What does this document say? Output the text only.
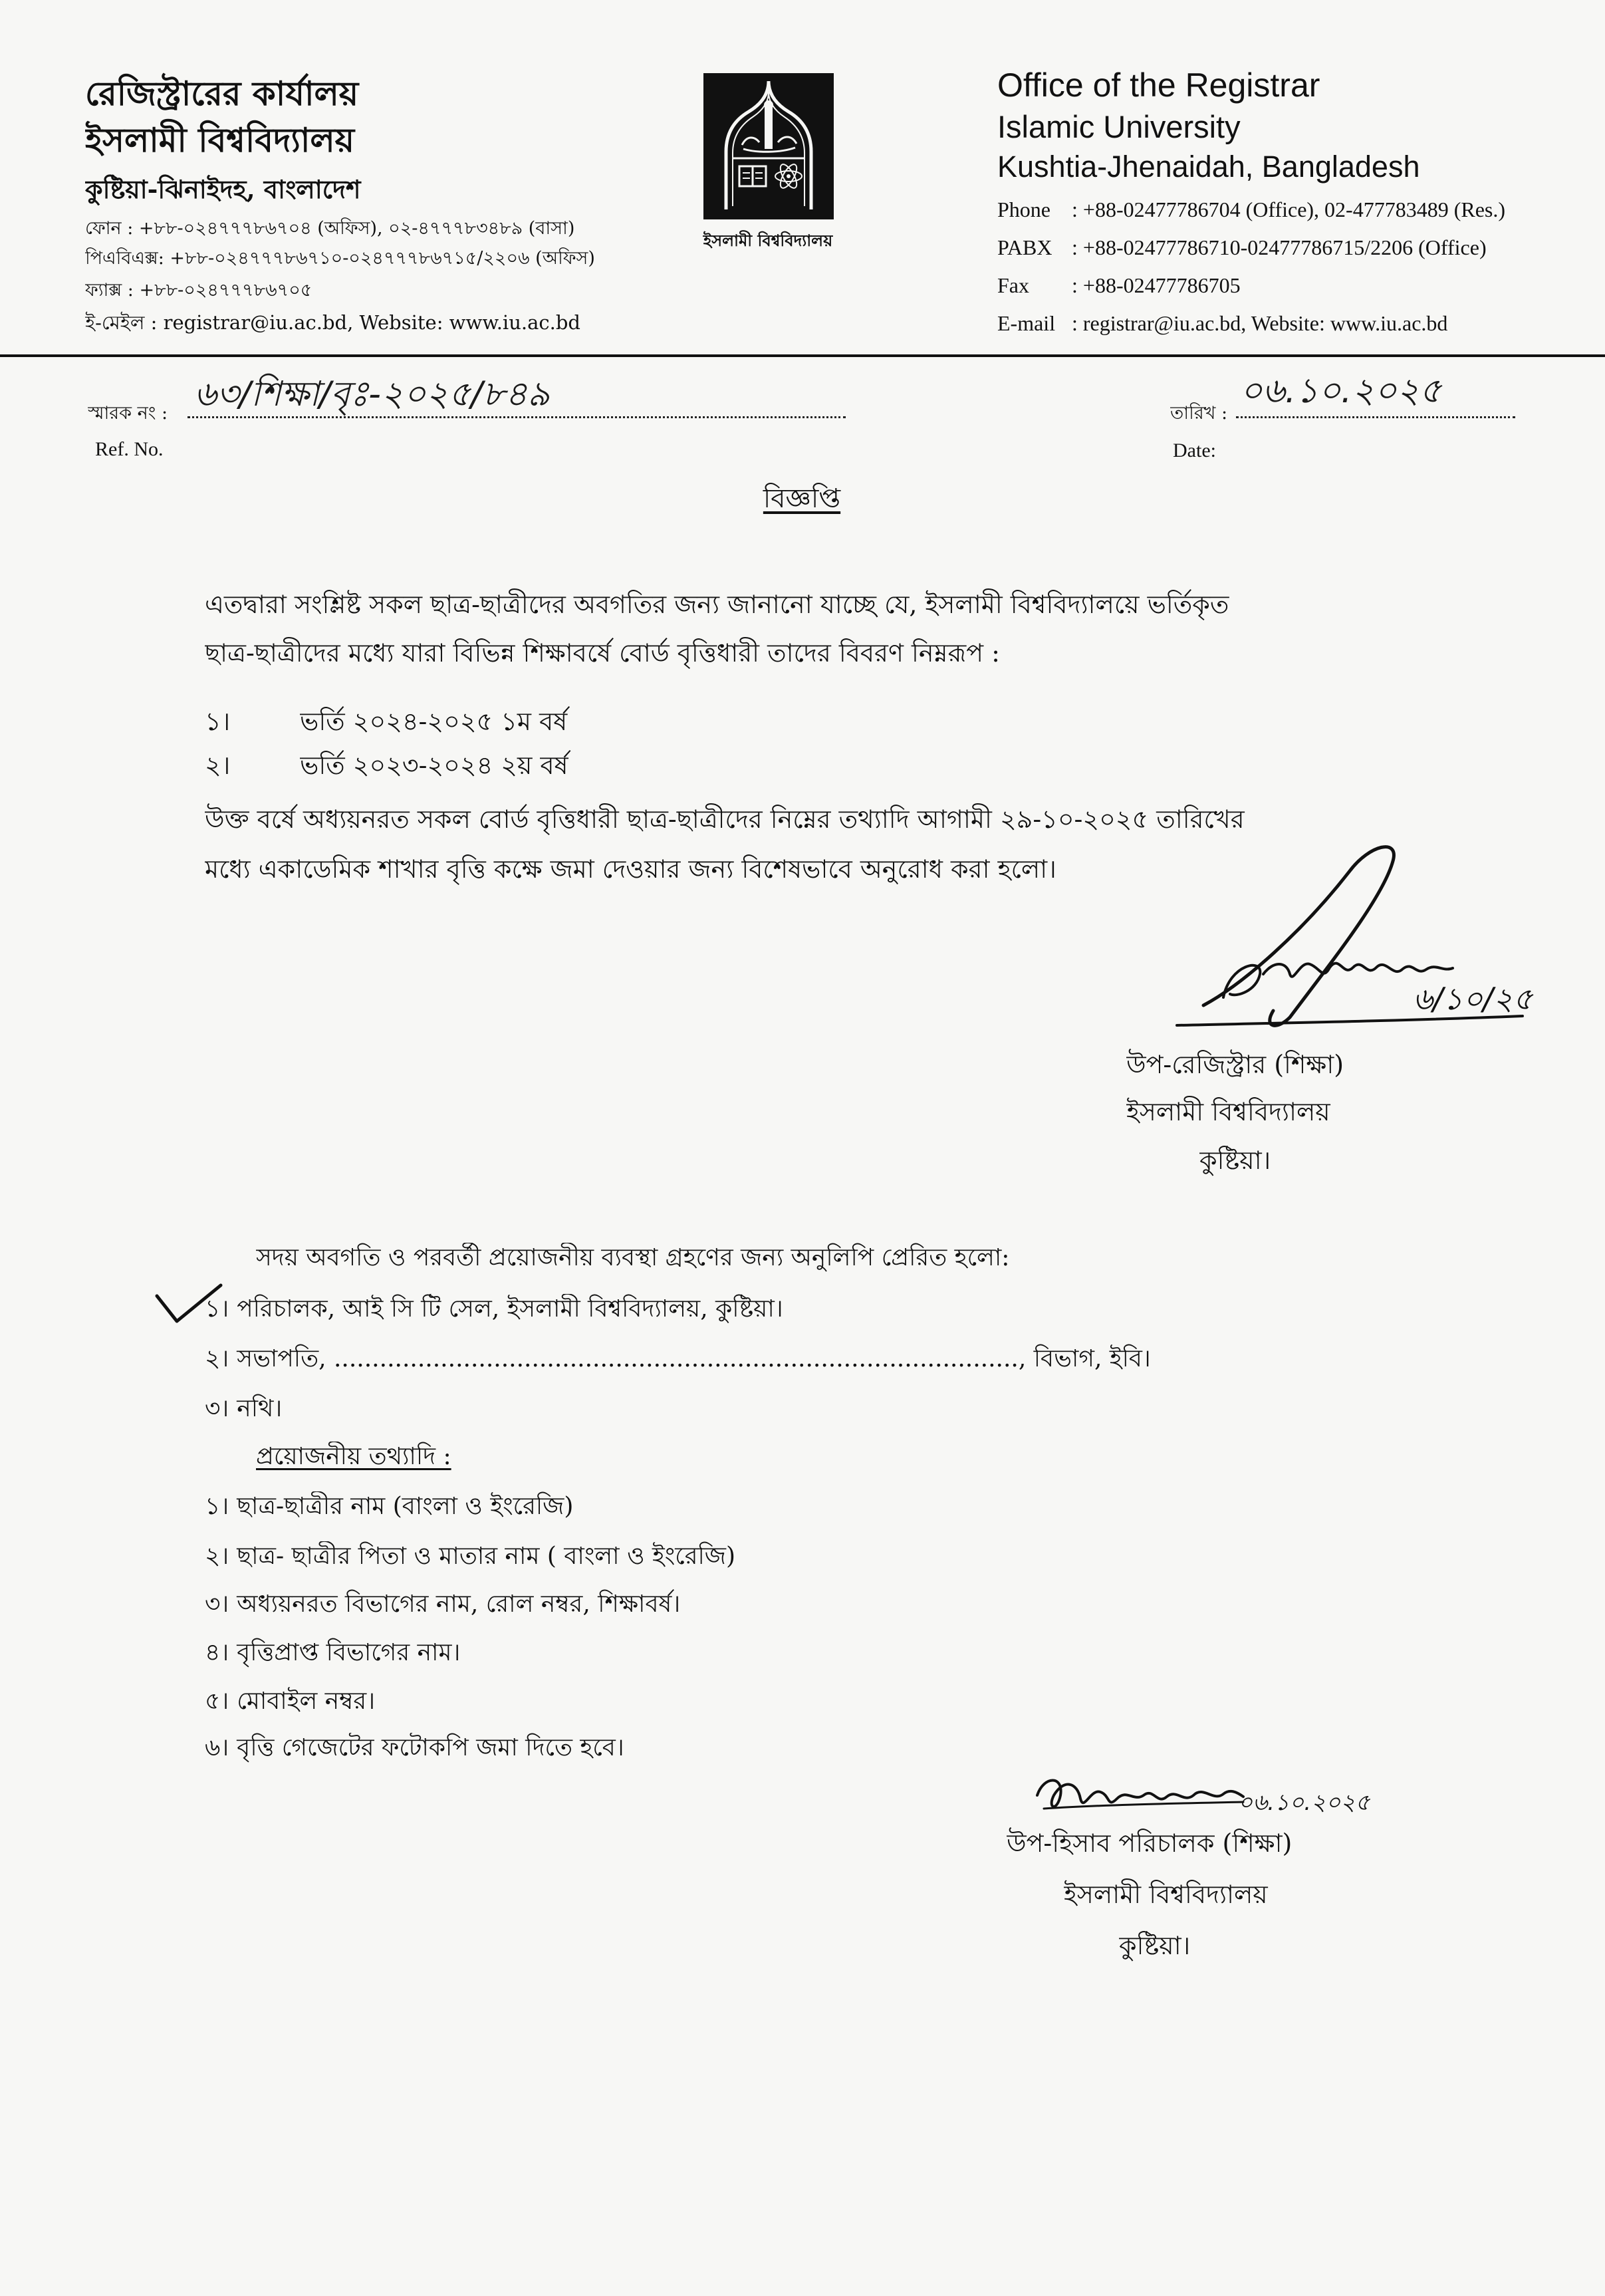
রেজিস্ট্রারের কার্যালয়
ইসলামী বিশ্ববিদ্যালয়
কুষ্টিয়া-ঝিনাইদহ, বাংলাদেশ
ফোন : +৮৮-০২৪৭৭৭৮৬৭০৪ (অফিস), ০২-৪৭৭৭৮৩৪৮৯ (বাসা)
পিএবিএক্স: +৮৮-০২৪৭৭৭৮৬৭১০-০২৪৭৭৭৮৬৭১৫/২২০৬ (অফিস)
ফ্যাক্স : +৮৮-০২৪৭৭৭৮৬৭০৫
ই-মেইল : registrar@iu.ac.bd, Website: www.iu.ac.bd
ইসলামী বিশ্ববিদ্যালয়
Office of the Registrar
Islamic University
Kushtia-Jhenaidah, Bangladesh
Phone : +88-02477786704 (Office), 02-477783489 (Res.)
PABX : +88-02477786710-02477786715/2206 (Office)
Fax : +88-02477786705
E-mail : registrar@iu.ac.bd, Website: www.iu.ac.bd
স্মারক নং : ৬৩/শিক্ষা/বৃঃ-২০২৫/৮৪৯
Ref. No.
তারিখ :
০৬.১০.২০২৫
Date:
বিজ্ঞপ্তি
এতদ্বারা সংশ্লিষ্ট সকল ছাত্র-ছাত্রীদের অবগতির জন্য জানানো যাচ্ছে যে, ইসলামী বিশ্ববিদ্যালয়ে ভর্তিকৃত
ছাত্র-ছাত্রীদের মধ্যে যারা বিভিন্ন শিক্ষাবর্ষে বোর্ড বৃত্তিধারী তাদের বিবরণ নিম্নরূপ :
১।	ভর্তি ২০২৪-২০২৫ ১ম বর্ষ
২।	ভর্তি ২০২৩-২০২৪ ২য় বর্ষ
উক্ত বর্ষে অধ্যয়নরত সকল বোর্ড বৃত্তিধারী ছাত্র-ছাত্রীদের নিম্নের তথ্যাদি আগামী ২৯-১০-২০২৫ তারিখের
মধ্যে একাডেমিক শাখার বৃত্তি কক্ষে জমা দেওয়ার জন্য বিশেষভাবে অনুরোধ করা হলো।
৬/১০/২৫
উপ-রেজিস্ট্রার (শিক্ষা)
ইসলামী বিশ্ববিদ্যালয়
কুষ্টিয়া।
সদয় অবগতি ও পরবর্তী প্রয়োজনীয় ব্যবস্থা গ্রহণের জন্য অনুলিপি প্রেরিত হলো:
১। পরিচালক, আই সি টি সেল, ইসলামী বিশ্ববিদ্যালয়, কুষ্টিয়া।
২। সভাপতি, .........................................................................................., বিভাগ, ইবি।
৩। নথি।
প্রয়োজনীয় তথ্যাদি :
১। ছাত্র-ছাত্রীর নাম (বাংলা ও ইংরেজি)
২। ছাত্র- ছাত্রীর পিতা ও মাতার নাম ( বাংলা ও ইংরেজি)
৩। অধ্যয়নরত বিভাগের নাম, রোল নম্বর, শিক্ষাবর্ষ।
৪। বৃত্তিপ্রাপ্ত বিভাগের নাম।
৫। মোবাইল নম্বর।
৬। বৃত্তি গেজেটের ফটোকপি জমা দিতে হবে।
০৬.১০.২০২৫
উপ-হিসাব পরিচালক (শিক্ষা)
ইসলামী বিশ্ববিদ্যালয়
কুষ্টিয়া।
